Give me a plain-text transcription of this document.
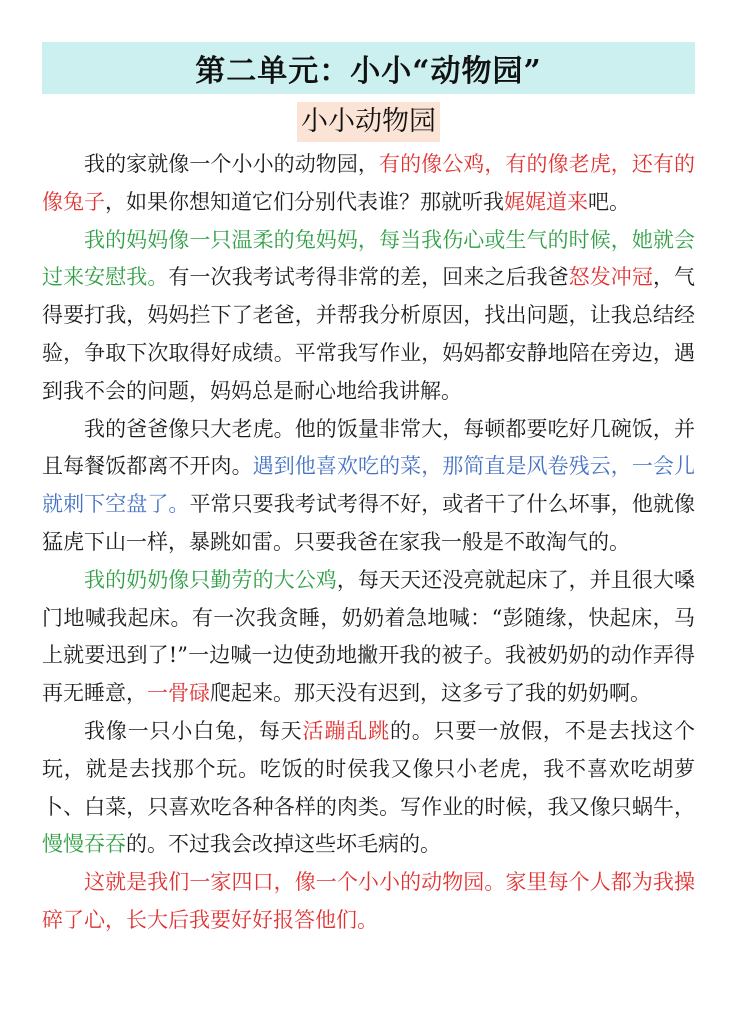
第二单元：小小“动物园”
小小动物园

我的家就像一个小小的动物园，有的像公鸡，有的像老虎，还有的像兔子，如果你想知道它们分别代表谁？那就听我娓娓道来吧。

我的妈妈像一只温柔的兔妈妈，每当我伤心或生气的时候，她就会过来安慰我。有一次我考试考得非常的差，回来之后我爸怒发冲冠，气得要打我，妈妈拦下了老爸，并帮我分析原因，找出问题，让我总结经验，争取下次取得好成绩。平常我写作业，妈妈都安静地陪在旁边，遇到我不会的问题，妈妈总是耐心地给我讲解。

我的爸爸像只大老虎。他的饭量非常大，每顿都要吃好几碗饭，并且每餐饭都离不开肉。遇到他喜欢吃的菜，那简直是风卷残云，一会儿就刺下空盘了。平常只要我考试考得不好，或者干了什么坏事，他就像猛虎下山一样，暴跳如雷。只要我爸在家我一般是不敢淘气的。

我的奶奶像只勤劳的大公鸡，每天天还没亮就起床了，并且很大嗓门地喊我起床。有一次我贪睡，奶奶着急地喊：“彭随缘，快起床，马上就要迅到了!”一边喊一边使劲地撇开我的被子。我被奶奶的动作弄得再无睡意，一骨碌爬起来。那天没有迟到，这多亏了我的奶奶啊。

我像一只小白兔，每天活蹦乱跳的。只要一放假，不是去找这个玩，就是去找那个玩。吃饭的时侯我又像只小老虎，我不喜欢吃胡萝卜、白菜，只喜欢吃各种各样的肉类。写作业的时候，我又像只蜗牛，慢慢吞吞的。不过我会改掉这些坏毛病的。

这就是我们一家四口，像一个小小的动物园。家里每个人都为我操碎了心，长大后我要好好报答他们。
